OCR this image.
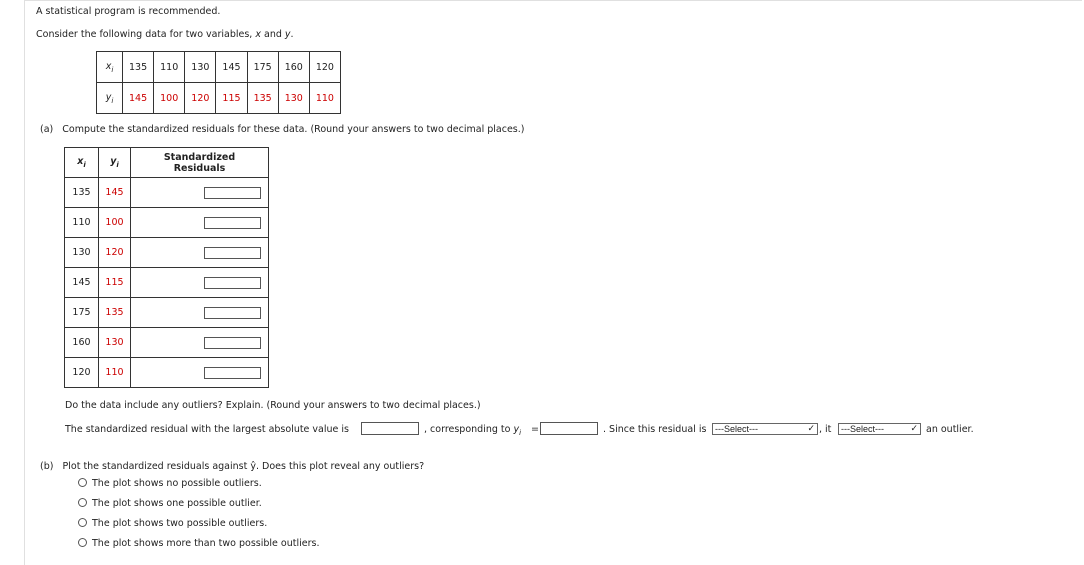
A statistical program is recommended.
Consider the following data for two variables, x and y.
$x_i$	135	110	130	145	175	160	120
$y_i$	145	100	120	115	135	130	110
(a) Compute the standardized residuals for these data. (Round your answers to two decimal places.)
$x_i$	$y_i$	Standardized Residuals
135	145	
110	100	
130	120	
145	115	
175	135	
160	130	
120	110	
Do the data include any outliers? Explain. (Round your answers to two decimal places.)
The standardized residual with the largest absolute value is	, corresponding to $y_i$ =	. Since this residual is ---Select---	✓ , it	---Select---	✓ an outlier.
(b) Plot the standardized residuals against ŷ. Does this plot reveal any outliers?
The plot shows no possible outliers.
The plot shows one possible outlier.
The plot shows two possible outliers.
The plot shows more than two possible outliers.
